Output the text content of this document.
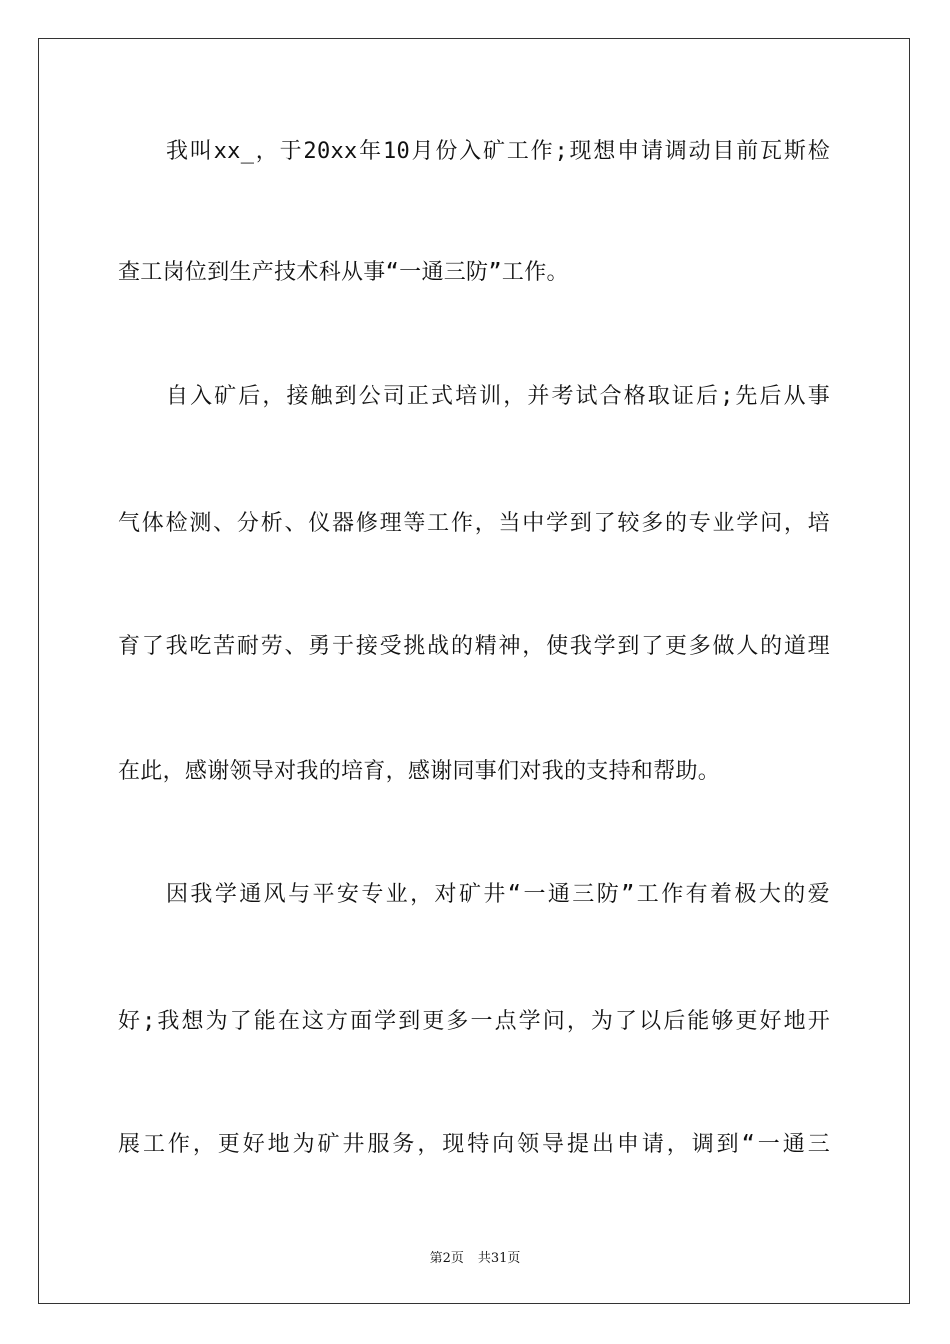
我叫xx_，于20xx年10月份入矿工作;现想申请调动目前瓦斯检
查工岗位到生产技术科从事“一通三防”工作。
自入矿后，接触到公司正式培训，并考试合格取证后;先后从事
气体检测、分析、仪器修理等工作，当中学到了较多的专业学问，培
育了我吃苦耐劳、勇于接受挑战的精神，使我学到了更多做人的道理
在此，感谢领导对我的培育，感谢同事们对我的支持和帮助。
因我学通风与平安专业，对矿井“一通三防”工作有着极大的爱
好;我想为了能在这方面学到更多一点学问，为了以后能够更好地开
展工作，更好地为矿井服务，现特向领导提出申请，调到“一通三
第2页 共31页
